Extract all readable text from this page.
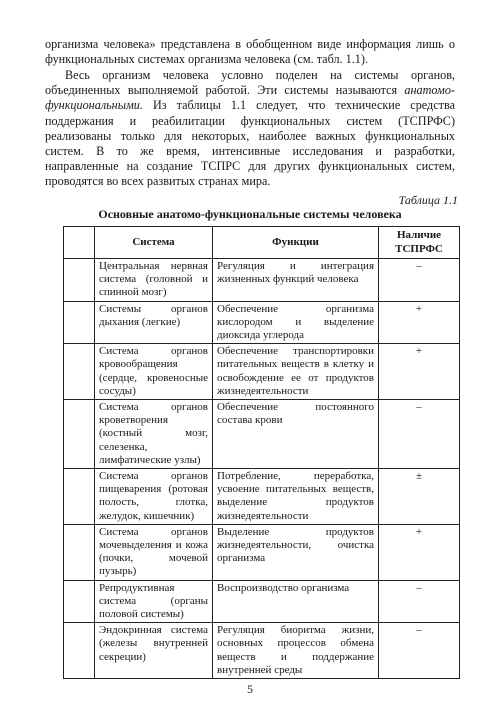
организма человека» представлена в обобщенном виде информация лишь о функциональных системах организма человека (см. табл. 1.1).

Весь организм человека условно поделен на системы органов, объединенных выполняемой работой. Эти системы называются анатомо-функциональными. Из таблицы 1.1 следует, что технические средства поддержания и реабилитации функциональных систем (ТСПРФС) реализованы только для некоторых, наиболее важных функциональных систем. В то же время, интенсивные исследования и разработки, направленные на создание ТСПРС для других функциональных систем, проводятся во всех развитых странах мира.

Таблица 1.1
Основные анатомо-функциональные системы человека
	Система	Функции	Наличие ТСПРФС
	Центральная нервная система (головной и спинной мозг)	Регуляция и интеграция жизненных функций человека	–
	Системы органов дыхания (легкие)	Обеспечение организма кислородом и выделение диоксида углерода	+
	Система органов кровообращения (сердце, кровеносные сосуды)	Обеспечение транспортировки питательных веществ в клетку и освобождение ее от продуктов жизнедеятельности	+
	Система органов кроветворения (костный мозг, селезенка, лимфатические узлы)	Обеспечение постоянного состава крови	–
	Система органов пищеварения (ротовая полость, глотка, желудок, кишечник)	Потребление, переработка, усвоение питательных веществ, выделение продуктов жизнедеятельности	±
	Система органов мочевыделения и кожа (почки, мочевой пузырь)	Выделение продуктов жизнедеятельности, очистка организма	+
	Репродуктивная система (органы половой системы)	Воспроизводство организма	–
	Эндокринная система (железы внутренней секреции)	Регуляция биоритма жизни, основных процессов обмена веществ и поддержание внутренней среды	–
5
